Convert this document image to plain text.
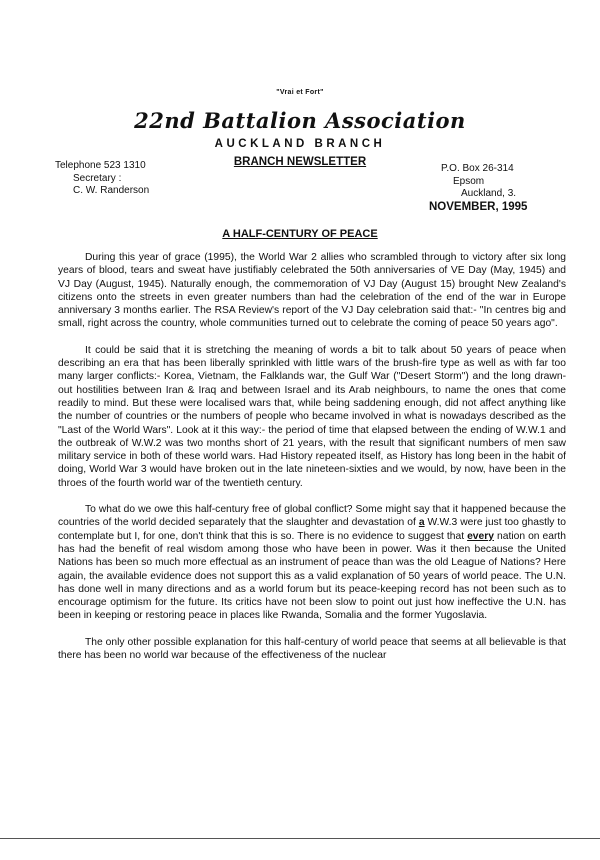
"Vrai et Fort"
22nd Battalion Association
AUCKLAND BRANCH
BRANCH NEWSLETTER
Telephone 523 1310
Secretary :
C. W. Randerson
P.O. Box 26-314
Epsom
Auckland, 3.
NOVEMBER, 1995
A HALF-CENTURY OF PEACE

During this year of grace (1995), the World War 2 allies who scrambled through to victory after six long years of blood, tears and sweat have justifiably celebrated the 50th anniversaries of VE Day (May, 1945) and VJ Day (August, 1945). Naturally enough, the commemoration of VJ Day (August 15) brought New Zealand's citizens onto the streets in even greater numbers than had the celebration of the end of the war in Europe anniversary 3 months earlier. The RSA Review's report of the VJ Day celebration said that:- "In centres big and small, right across the country, whole communities turned out to celebrate the coming of peace 50 years ago".

It could be said that it is stretching the meaning of words a bit to talk about 50 years of peace when describing an era that has been liberally sprinkled with little wars of the brush-fire type as well as with far too many larger conflicts:- Korea, Vietnam, the Falklands war, the Gulf War ("Desert Storm") and the long drawn-out hostilities between Iran & Iraq and between Israel and its Arab neighbours, to name the ones that come readily to mind. But these were localised wars that, while being saddening enough, did not affect anything like the number of countries or the numbers of people who became involved in what is nowadays described as the "Last of the World Wars". Look at it this way:- the period of time that elapsed between the ending of W.W.1 and the outbreak of W.W.2 was two months short of 21 years, with the result that significant numbers of men saw military service in both of these world wars. Had History repeated itself, as History has long been in the habit of doing, World War 3 would have broken out in the late nineteen-sixties and we would, by now, have been in the throes of the fourth world war of the twentieth century.

To what do we owe this half-century free of global conflict? Some might say that it happened because the countries of the world decided separately that the slaughter and devastation of a W.W.3 were just too ghastly to contemplate but I, for one, don't think that this is so. There is no evidence to suggest that every nation on earth has had the benefit of real wisdom among those who have been in power. Was it then because the United Nations has been so much more effectual as an instrument of peace than was the old League of Nations? Here again, the available evidence does not support this as a valid explanation of 50 years of world peace. The U.N. has done well in many directions and as a world forum but its peace-keeping record has not been such as to encourage optimism for the future. Its critics have not been slow to point out just how ineffective the U.N. has been in keeping or restoring peace in places like Rwanda, Somalia and the former Yugoslavia.

The only other possible explanation for this half-century of world peace that seems at all believable is that there has been no world war because of the effectiveness of the nuclear
